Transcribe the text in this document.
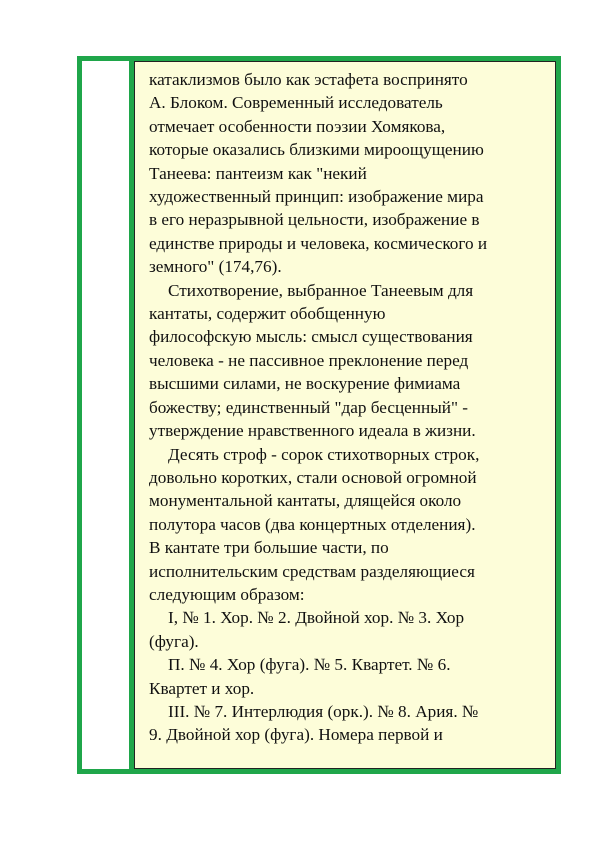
катаклизмов было как эстафета воспринято
А. Блоком. Современный исследователь
отмечает особенности поэзии Хомякова,
которые оказались близкими мироощущению
Танеева: пантеизм как "некий
художественный принцип: изображение мира
в его неразрывной цельности, изображение в
единстве природы и человека, космического и
земного" (174,76).

Стихотворение, выбранное Танеевым для
кантаты, содержит обобщенную
философскую мысль: смысл существования
человека - не пассивное преклонение перед
высшими силами, не воскурение фимиама
божеству; единственный "дар бесценный" -
утверждение нравственного идеала в жизни.

Десять строф - сорок стихотворных строк,
довольно коротких, стали основой огромной
монументальной кантаты, длящейся около
полутора часов (два концертных отделения).
В кантате три большие части, по
исполнительским средствам разделяющиеся
следующим образом:

I, № 1. Хор. № 2. Двойной хор. № 3. Хор
(фуга).

П. № 4. Хор (фуга). № 5. Квартет. № 6.
Квартет и хор.

III. № 7. Интерлюдия (орк.). № 8. Ария. №
9. Двойной хор (фуга). Номера первой и
